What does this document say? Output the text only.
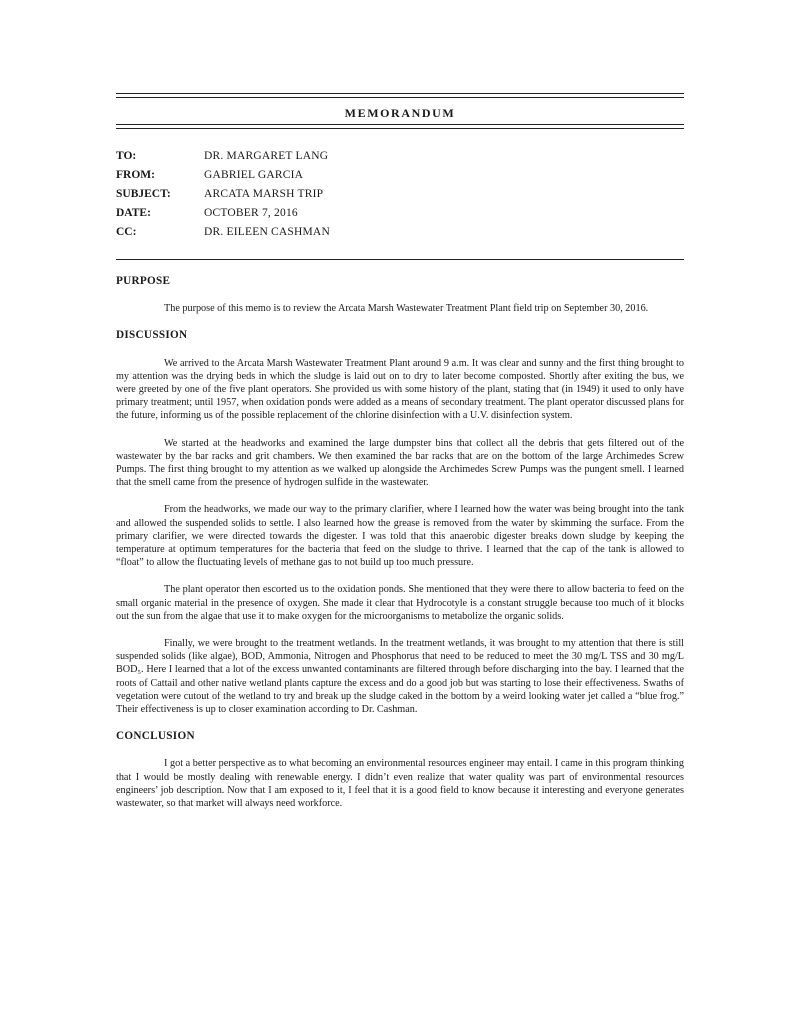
MEMORANDUM
TO:	DR. MARGARET LANG
FROM:	GABRIEL GARCIA
SUBJECT:	ARCATA MARSH TRIP
DATE:	OCTOBER 7, 2016
CC:	DR. EILEEN CASHMAN
PURPOSE

The purpose of this memo is to review the Arcata Marsh Wastewater Treatment Plant field trip on September 30, 2016.

DISCUSSION

We arrived to the Arcata Marsh Wastewater Treatment Plant around 9 a.m. It was clear and sunny and the first thing brought to my attention was the drying beds in which the sludge is laid out on to dry to later become composted. Shortly after exiting the bus, we were greeted by one of the five plant operators. She provided us with some history of the plant, stating that (in 1949) it used to only have primary treatment; until 1957, when oxidation ponds were added as a means of secondary treatment. The plant operator discussed plans for the future, informing us of the possible replacement of the chlorine disinfection with a U.V. disinfection system.

We started at the headworks and examined the large dumpster bins that collect all the debris that gets filtered out of the wastewater by the bar racks and grit chambers. We then examined the bar racks that are on the bottom of the large Archimedes Screw Pumps. The first thing brought to my attention as we walked up alongside the Archimedes Screw Pumps was the pungent smell. I learned that the smell came from the presence of hydrogen sulfide in the wastewater.

From the headworks, we made our way to the primary clarifier, where I learned how the water was being brought into the tank and allowed the suspended solids to settle. I also learned how the grease is removed from the water by skimming the surface. From the primary clarifier, we were directed towards the digester. I was told that this anaerobic digester breaks down sludge by keeping the temperature at optimum temperatures for the bacteria that feed on the sludge to thrive. I learned that the cap of the tank is allowed to “float” to allow the fluctuating levels of methane gas to not build up too much pressure.

The plant operator then escorted us to the oxidation ponds. She mentioned that they were there to allow bacteria to feed on the small organic material in the presence of oxygen. She made it clear that Hydrocotyle is a constant struggle because too much of it blocks out the sun from the algae that use it to make oxygen for the microorganisms to metabolize the organic solids.

Finally, we were brought to the treatment wetlands. In the treatment wetlands, it was brought to my attention that there is still suspended solids (like algae), BOD, Ammonia, Nitrogen and Phosphorus that need to be reduced to meet the 30 mg/L TSS and 30 mg/L BOD₅. Here I learned that a lot of the excess unwanted contaminants are filtered through before discharging into the bay. I learned that the roots of Cattail and other native wetland plants capture the excess and do a good job but was starting to lose their effectiveness. Swaths of vegetation were cutout of the wetland to try and break up the sludge caked in the bottom by a weird looking water jet called a “blue frog.” Their effectiveness is up to closer examination according to Dr. Cashman.

CONCLUSION

I got a better perspective as to what becoming an environmental resources engineer may entail. I came in this program thinking that I would be mostly dealing with renewable energy. I didn’t even realize that water quality was part of environmental resources engineers’ job description. Now that I am exposed to it, I feel that it is a good field to know because it interesting and everyone generates wastewater, so that market will always need workforce.
